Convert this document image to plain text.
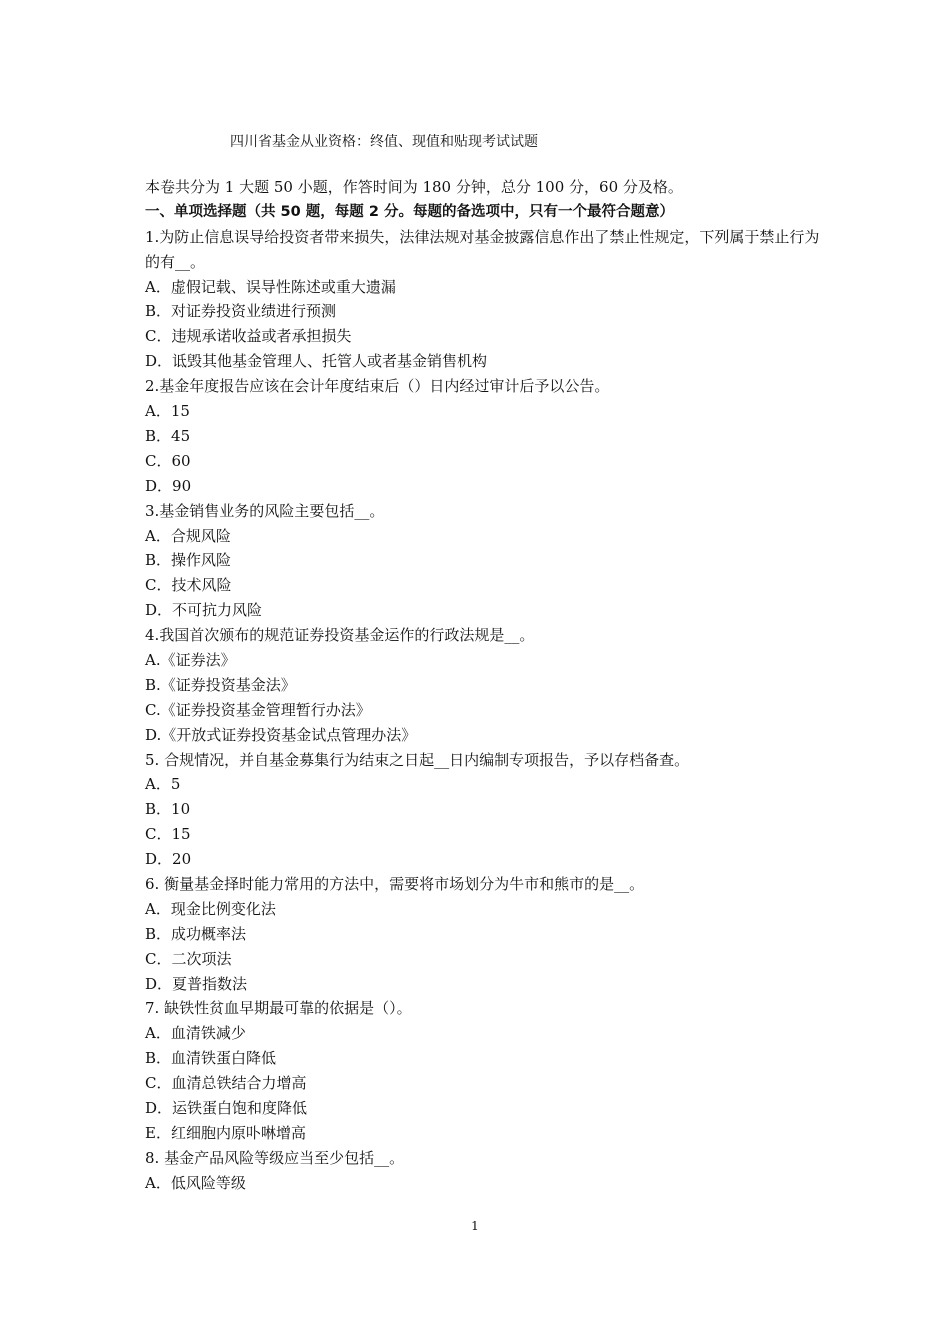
四川省基金从业资格：终值、现值和贴现考试试题
本卷共分为 1 大题 50 小题，作答时间为 180 分钟，总分 100 分，60 分及格。
一、单项选择题（共 50 题，每题 2 分。每题的备选项中，只有一个最符合题意）
1.为防止信息误导给投资者带来损失，法律法规对基金披露信息作出了禁止性规定，下列属于禁止行为的有__。
A．虚假记载、误导性陈述或重大遗漏
B．对证券投资业绩进行预测
C．违规承诺收益或者承担损失
D．诋毁其他基金管理人、托管人或者基金销售机构
2.基金年度报告应该在会计年度结束后（）日内经过审计后予以公告。
A．15
B．45
C．60
D．90
3.基金销售业务的风险主要包括__。
A．合规风险
B．操作风险
C．技术风险
D．不可抗力风险
4.我国首次颁布的规范证券投资基金运作的行政法规是__。
A.《证券法》
B.《证券投资基金法》
C.《证券投资基金管理暂行办法》
D.《开放式证券投资基金试点管理办法》
5. 合规情况，并自基金募集行为结束之日起__日内编制专项报告，予以存档备查。
A．5
B．10
C．15
D．20
6. 衡量基金择时能力常用的方法中，需要将市场划分为牛市和熊市的是__。
A．现金比例变化法
B．成功概率法
C．二次项法
D．夏普指数法
7. 缺铁性贫血早期最可靠的依据是（）。
A．血清铁减少
B．血清铁蛋白降低
C．血清总铁结合力增高
D．运铁蛋白饱和度降低
E．红细胞内原卟啉增高
8. 基金产品风险等级应当至少包括__。
A．低风险等级
1
